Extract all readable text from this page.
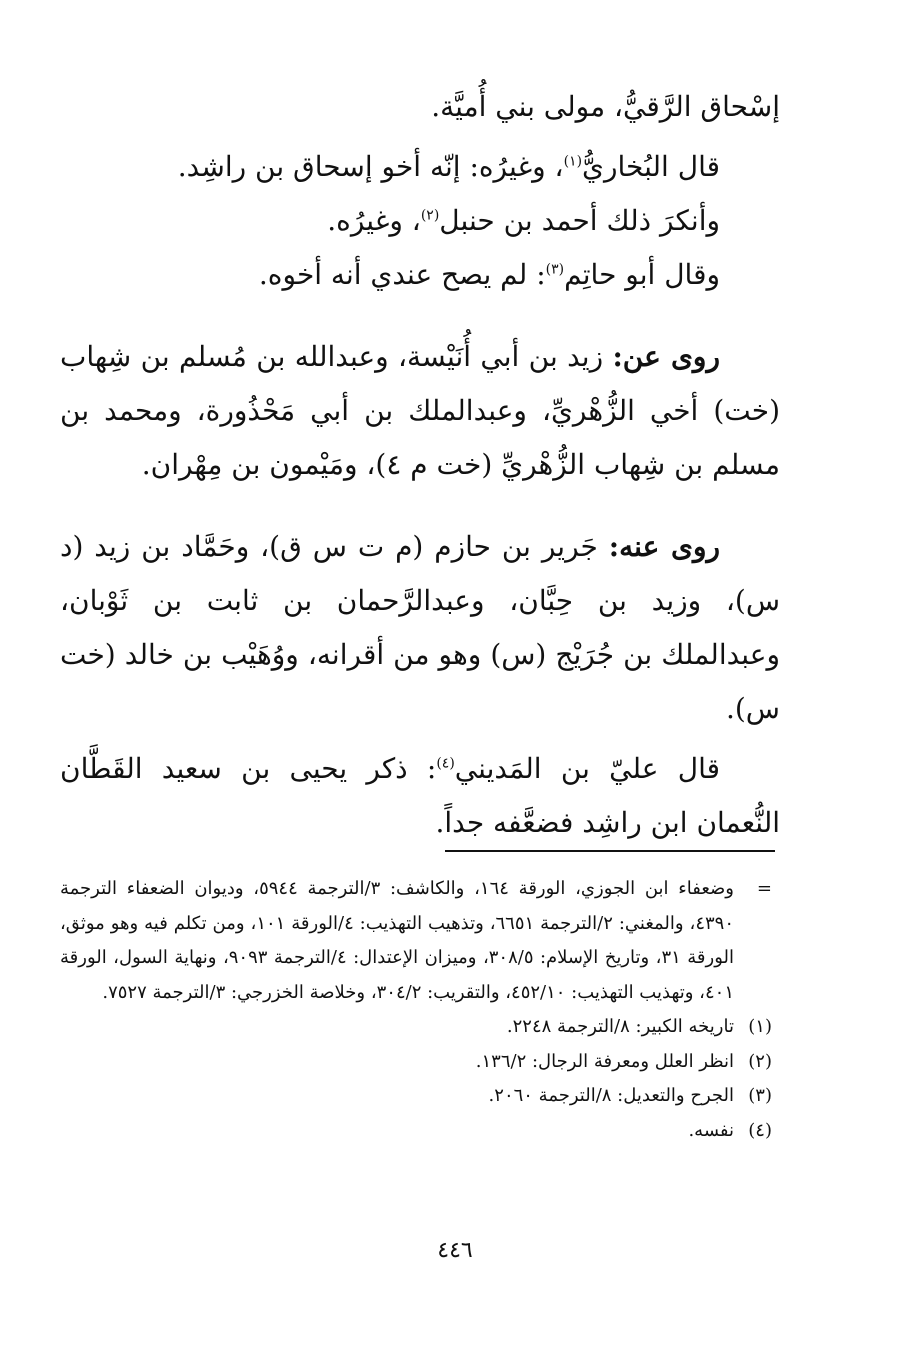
إسْحاق الرَّقيُّ، مولى بني أُميَّة.

قال البُخاريُّ$^{(١)}$، وغيرُه: إنّه أخو إسحاق بن راشِد.

وأنكرَ ذلك أحمد بن حنبل$^{(٢)}$، وغيرُه.

وقال أبو حاتِم$^{(٣)}$: لم يصح عندي أنه أخوه.

روى عن: زيد بن أبي أُنَيْسة، وعبدالله بن مُسلم بن شِهاب (خت) أخي الزُّهْريِّ، وعبدالملك بن أبي مَحْذُورة، ومحمد بن مسلم بن شِهاب الزُّهْريِّ (خت م ٤)، ومَيْمون بن مِهْران.

روى عنه: جَرير بن حازم (م ت س ق)، وحَمَّاد بن زيد (د س)، وزيد بن حِبَّان، وعبدالرَّحمان بن ثابت بن ثَوْبان، وعبدالملك بن جُرَيْج (س) وهو من أقرانه، ووُهَيْب بن خالد (خت س).

قال عليّ بن المَديني$^{(٤)}$: ذكر يحيى بن سعيد القَطَّان النُّعمان ابن راشِد فضعَّفه جداً.

=
وضعفاء ابن الجوزي، الورقة ١٦٤، والكاشف: ٣/الترجمة ٥٩٤٤، وديوان الضعفاء الترجمة ٤٣٩٠، والمغني: ٢/الترجمة ٦٦٥١، وتذهيب التهذيب: ٤/الورقة ١٠١، ومن تكلم فيه وهو موثق، الورقة ٣١، وتاريخ الإسلام: ٣٠٨/٥، وميزان الإعتدال: ٤/الترجمة ٩٠٩٣، ونهاية السول، الورقة ٤٠١، وتهذيب التهذيب: ٤٥٢/١٠، والتقريب: ٣٠٤/٢، وخلاصة الخزرجي: ٣/الترجمة ٧٥٢٧.
(١)
تاريخه الكبير: ٨/الترجمة ٢٢٤٨.
(٢)
انظر العلل ومعرفة الرجال: ١٣٦/٢.
(٣)
الجرح والتعديل: ٨/الترجمة ٢٠٦٠.
(٤)
نفسه.
٤٤٦
